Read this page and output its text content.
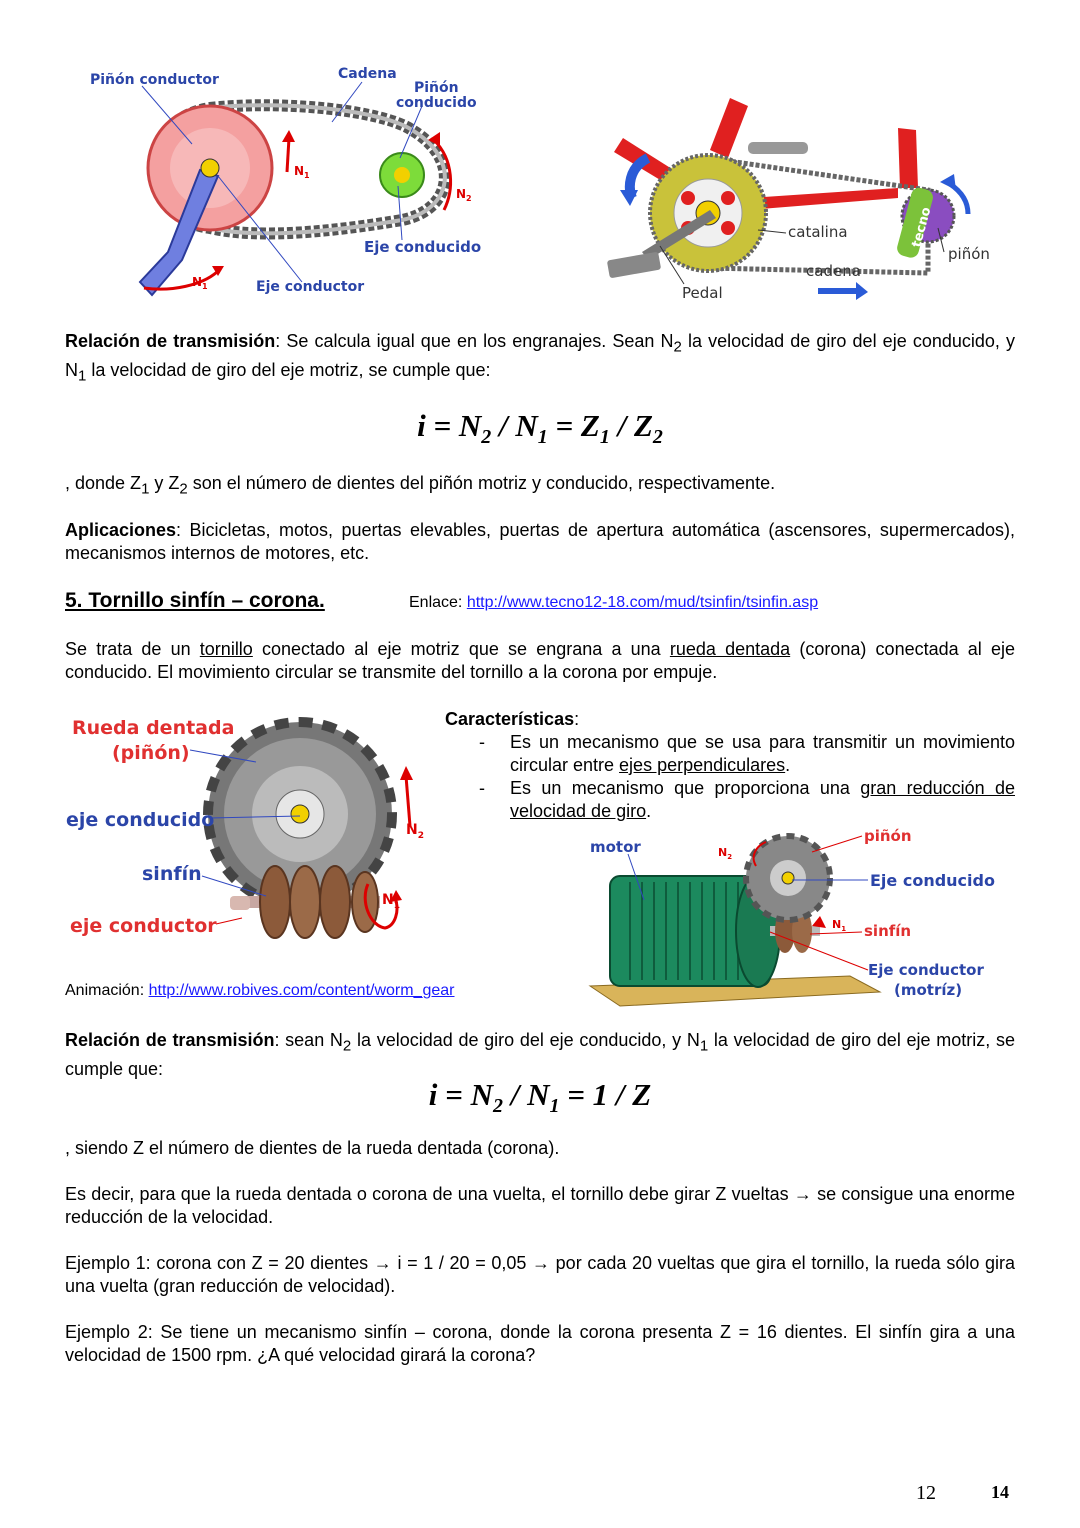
Piñón conductor	Cadena
Piñón
conducido
$N_1$
$N_2$
$N_1$
Eje conducido
Eje conductor
tecno
catalina
cadena
Pedal
piñón
Relación de transmisión: Se calcula igual que en los engranajes. Sean $N_2$ la velocidad de giro del eje conducido, y $N_1$ la velocidad de giro del eje motriz, se cumple que:
$i = N_2 / N_1 = Z_1 / Z_2$
, donde $Z_1$ y $Z_2$ son el número de dientes del piñón motriz y conducido, respectivamente.
Aplicaciones: Bicicletas, motos, puertas elevables, puertas de apertura automática (ascensores, supermercados), mecanismos internos de motores, etc.
5. Tornillo sinfín – corona.	Enlace: http://www.tecno12-18.com/mud/tsinfin/tsinfin.asp
Se trata de un tornillo conectado al eje motriz que se engrana a una rueda dentada (corona) conectada al eje conducido. El movimiento circular se transmite del tornillo a la corona por empuje.
Rueda dentada
(piñón)
eje conducido
sinfín
eje conductor
$N_2$
$N_1$
Características:
- Es un mecanismo que se usa para transmitir un movimiento circular entre ejes perpendiculares.
- Es un mecanismo que proporciona una gran reducción de velocidad de giro.
motor
piñón
Eje conducido
sinfín
Eje conductor
(motríz)
$N_2$
$N_1$
Animación: http://www.robives.com/content/worm_gear
Relación de transmisión: sean $N_2$ la velocidad de giro del eje conducido, y $N_1$ la velocidad de giro del eje motriz, se cumple que:
$i = N_2 / N_1 = 1 / Z$
, siendo Z el número de dientes de la rueda dentada (corona).
Es decir, para que la rueda dentada o corona de una vuelta, el tornillo debe girar Z vueltas → se consigue una enorme reducción de la velocidad.
Ejemplo 1: corona con Z = 20 dientes → i = 1 / 20 = 0,05 → por cada 20 vueltas que gira el tornillo, la rueda sólo gira una vuelta (gran reducción de velocidad).
Ejemplo 2: Se tiene un mecanismo sinfín – corona, donde la corona presenta Z = 16 dientes. El sinfín gira a una velocidad de 1500 rpm. ¿A qué velocidad girará la corona?
12	14
